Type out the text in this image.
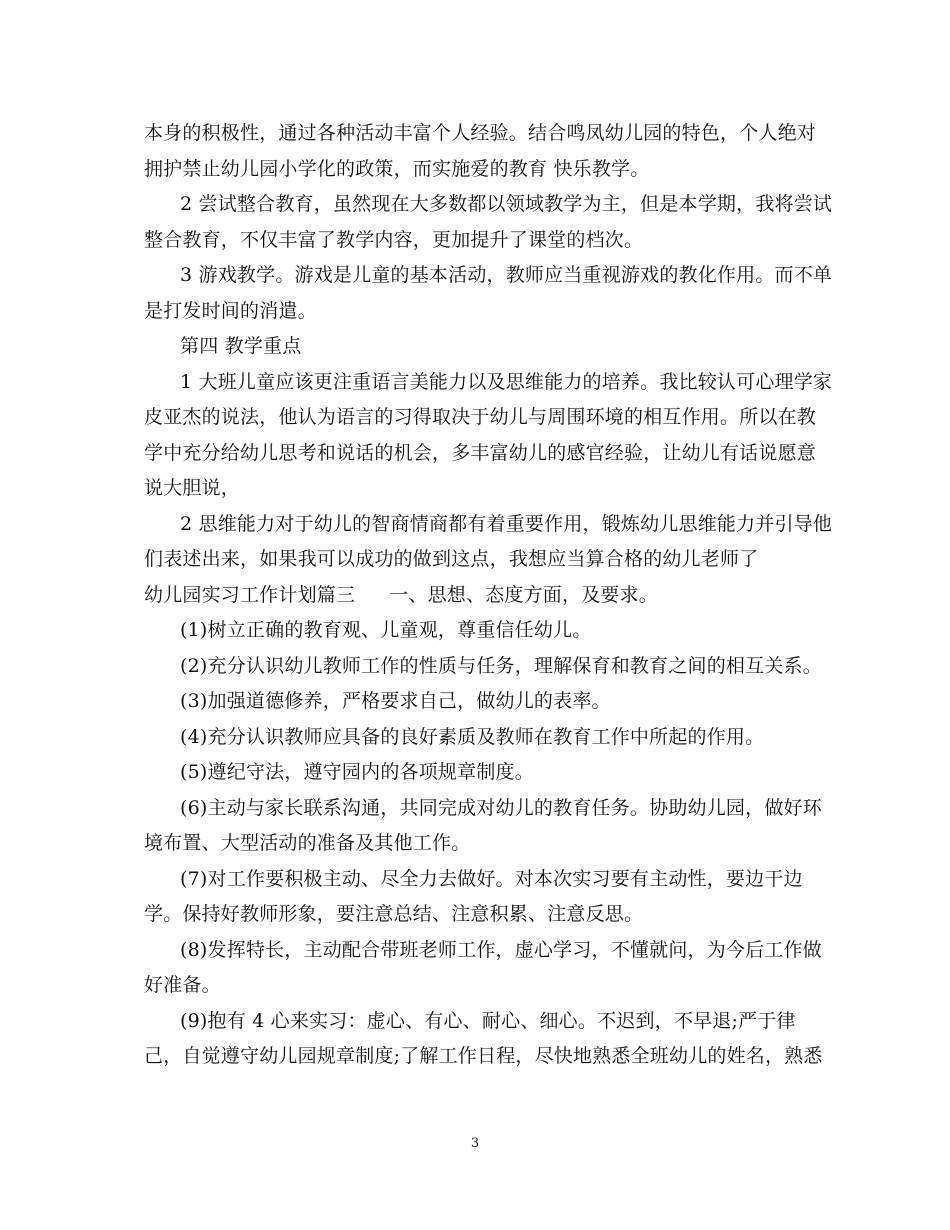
本身的积极性，通过各种活动丰富个人经验。结合鸣凤幼儿园的特色，个人绝对
拥护禁止幼儿园小学化的政策，而实施爱的教育 快乐教学。
2 尝试整合教育，虽然现在大多数都以领域教学为主，但是本学期，我将尝试
整合教育，不仅丰富了教学内容，更加提升了课堂的档次。
3 游戏教学。游戏是儿童的基本活动，教师应当重视游戏的教化作用。而不单
是打发时间的消遣。
第四 教学重点
1 大班儿童应该更注重语言美能力以及思维能力的培养。我比较认可心理学家
皮亚杰的说法，他认为语言的习得取决于幼儿与周围环境的相互作用。所以在教
学中充分给幼儿思考和说话的机会，多丰富幼儿的感官经验，让幼儿有话说愿意
说大胆说，
2 思维能力对于幼儿的智商情商都有着重要作用，锻炼幼儿思维能力并引导他
们表述出来，如果我可以成功的做到这点，我想应当算合格的幼儿老师了
幼儿园实习工作计划篇三 一、思想、态度方面，及要求。
(1)树立正确的教育观、儿童观，尊重信任幼儿。
(2)充分认识幼儿教师工作的性质与任务，理解保育和教育之间的相互关系。
(3)加强道德修养，严格要求自己，做幼儿的表率。
(4)充分认识教师应具备的良好素质及教师在教育工作中所起的作用。
(5)遵纪守法，遵守园内的各项规章制度。
(6)主动与家长联系沟通，共同完成对幼儿的教育任务。协助幼儿园，做好环
境布置、大型活动的准备及其他工作。
(7)对工作要积极主动、尽全力去做好。对本次实习要有主动性，要边干边
学。保持好教师形象，要注意总结、注意积累、注意反思。
(8)发挥特长，主动配合带班老师工作，虚心学习，不懂就问，为今后工作做
好准备。
(9)抱有 4 心来实习：虚心、有心、耐心、细心。不迟到，不早退;严于律
己，自觉遵守幼儿园规章制度;了解工作日程，尽快地熟悉全班幼儿的姓名，熟悉
3
